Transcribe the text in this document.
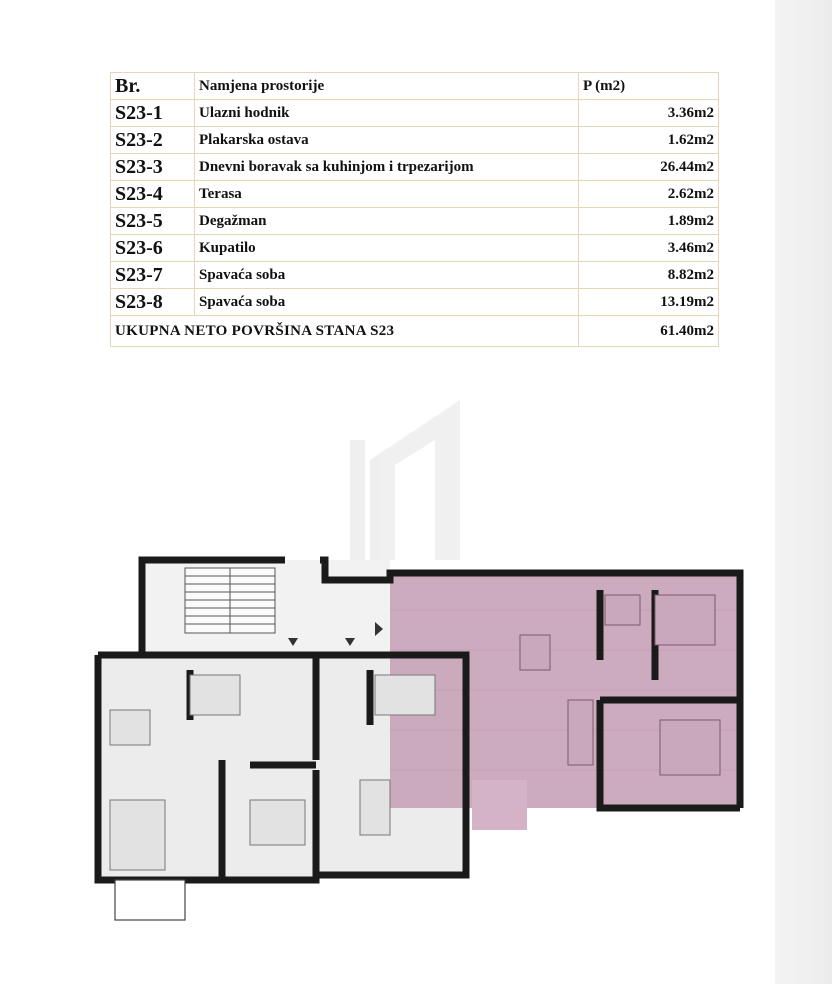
Br.	Namjena prostorije	P (m2)
S23-1	Ulazni hodnik	3.36m2
S23-2	Plakarska ostava	1.62m2
S23-3	Dnevni boravak sa kuhinjom i trpezarijom	26.44m2
S23-4	Terasa	2.62m2
S23-5	Degažman	1.89m2
S23-6	Kupatilo	3.46m2
S23-7	Spavaća soba	8.82m2
S23-8	Spavaća soba	13.19m2
UKUPNA NETO POVRŠINA STANA S23		61.40m2
